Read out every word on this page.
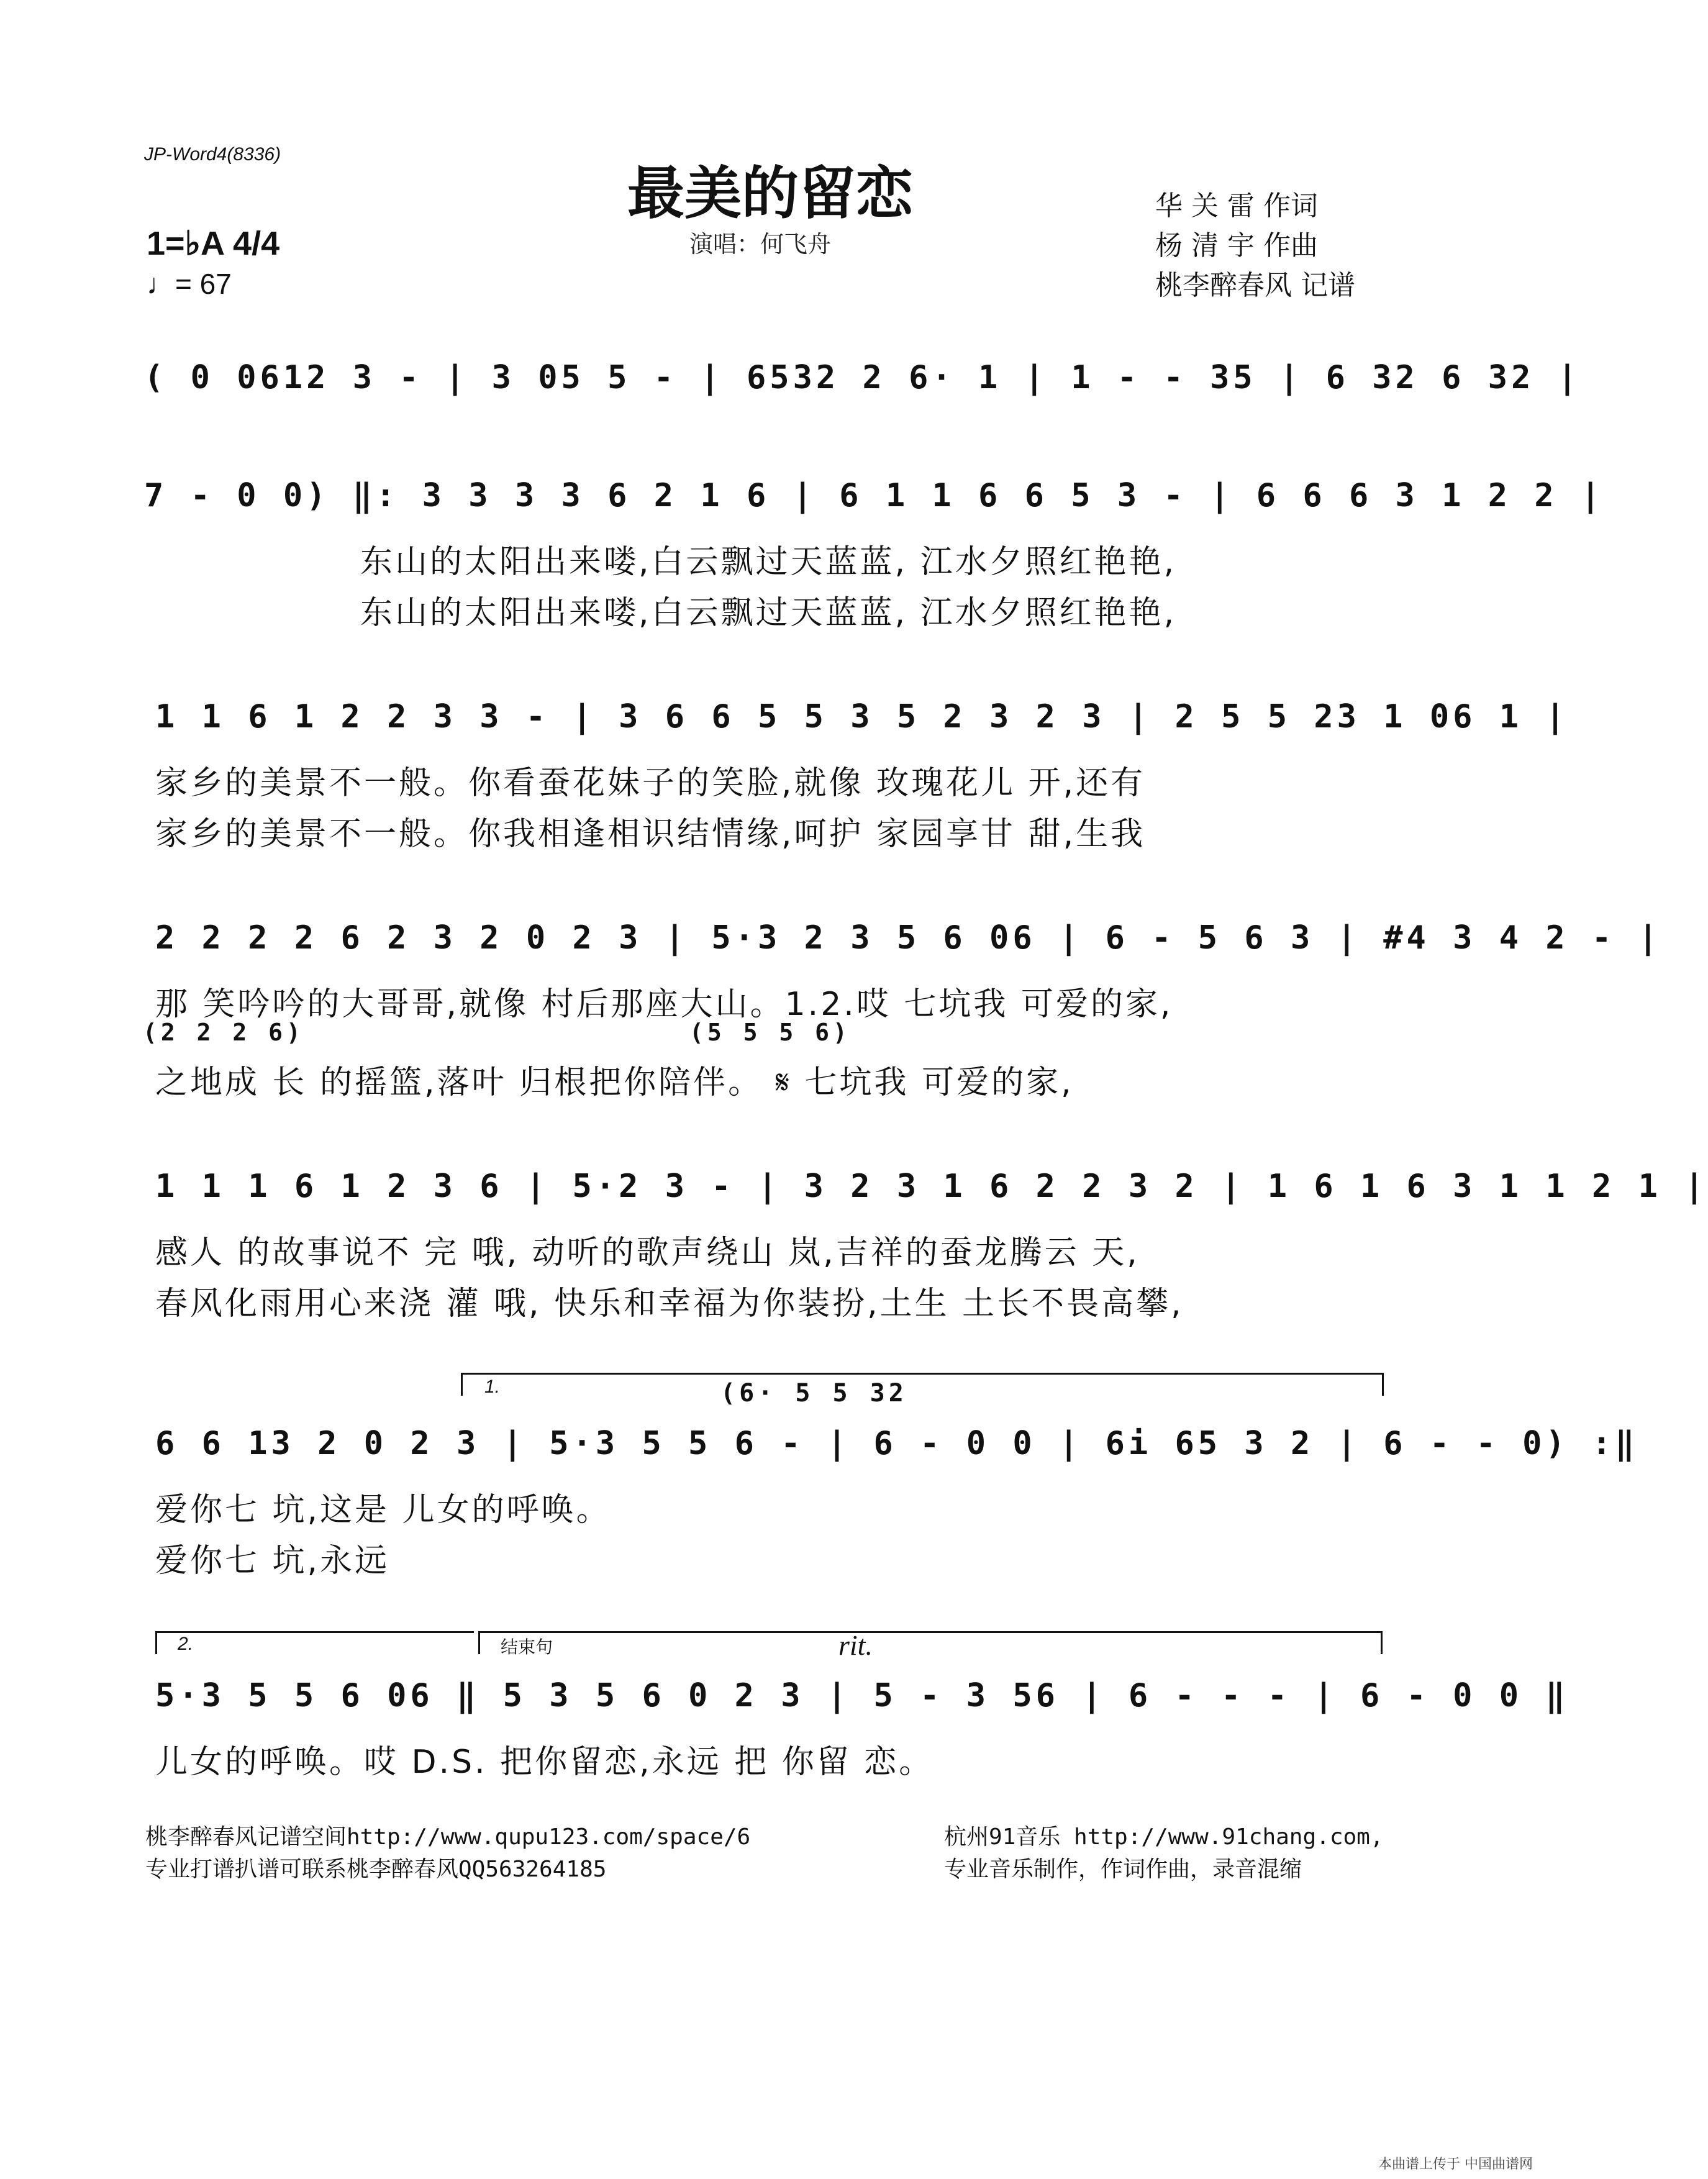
JP-Word4(8336)
最美的留恋
演唱：何飞舟
华 关 雷 作词
杨 清 宇 作曲
桃李醉春风 记谱
1=♭A 4/4
♩= 67
( 0 0612 3 - | 3 05 5 - | 6532 2 6· 1 | 1 - - 35 | 6 32 6 32 |
7 - 0 0) ‖: 3 3 3 3 6 2 1 6 | 6 1 1 6 6 5 3 - | 6 6 6 3 1 2 2 |
东山的太阳出来喽,白云飘过天蓝蓝, 江水夕照红艳艳,
东山的太阳出来喽,白云飘过天蓝蓝, 江水夕照红艳艳,
1 1 6 1 2 2 3 3 - | 3 6 6 5 5 3 5 2 3 2 3 | 2 5 5 23 1 06 1 |
家乡的美景不一般。你看蚕花妹子的笑脸,就像 玫瑰花儿 开,还有
家乡的美景不一般。你我相逢相识结情缘,呵护 家园享甘 甜,生我
2 2 2 2 6 2 3 2 0 2 3 | 5·3 2 3 5 6 06 | 6 - 5 6 3 | #4 3 4 2 - |
那 笑吟吟的大哥哥,就像 村后那座大山。1.2.哎 七坑我 可爱的家,
(2 2 2 6)	(5 5 5 6)
之地成 长 的摇篮,落叶 归根把你陪伴。 𝄋 七坑我 可爱的家,
1 1 1 6 1 2 3 6 | 5·2 3 - | 3 2 3 1 6 2 2 3 2 | 1 6 1 6 3 1 1 2 1 |
感人 的故事说不 完 哦, 动听的歌声绕山 岚,吉祥的蚕龙腾云 天,
春风化雨用心来浇 灌 哦, 快乐和幸福为你装扮,土生 土长不畏高攀,
1.	(6· 5 5 32
6 6 13 2 0 2 3 | 5·3 5 5 6 - | 6 - 0 0 | 6i 65 3 2 | 6 - - 0) :‖
爱你七 坑,这是 儿女的呼唤。
爱你七 坑,永远
2.	结束句	rit.
5·3 5 5 6 06 ‖ 5 3 5 6 0 2 3 | 5 - 3 56 | 6 - - - | 6 - 0 0 ‖
儿女的呼唤。哎 D.S. 把你留恋,永远 把 你留 恋。
桃李醉春风记谱空间http://www.qupu123.com/space/6
专业打谱扒谱可联系桃李醉春风QQ563264185
杭州91音乐 http://www.91chang.com,
专业音乐制作，作词作曲，录音混缩
本曲谱上传于 中国曲谱网
